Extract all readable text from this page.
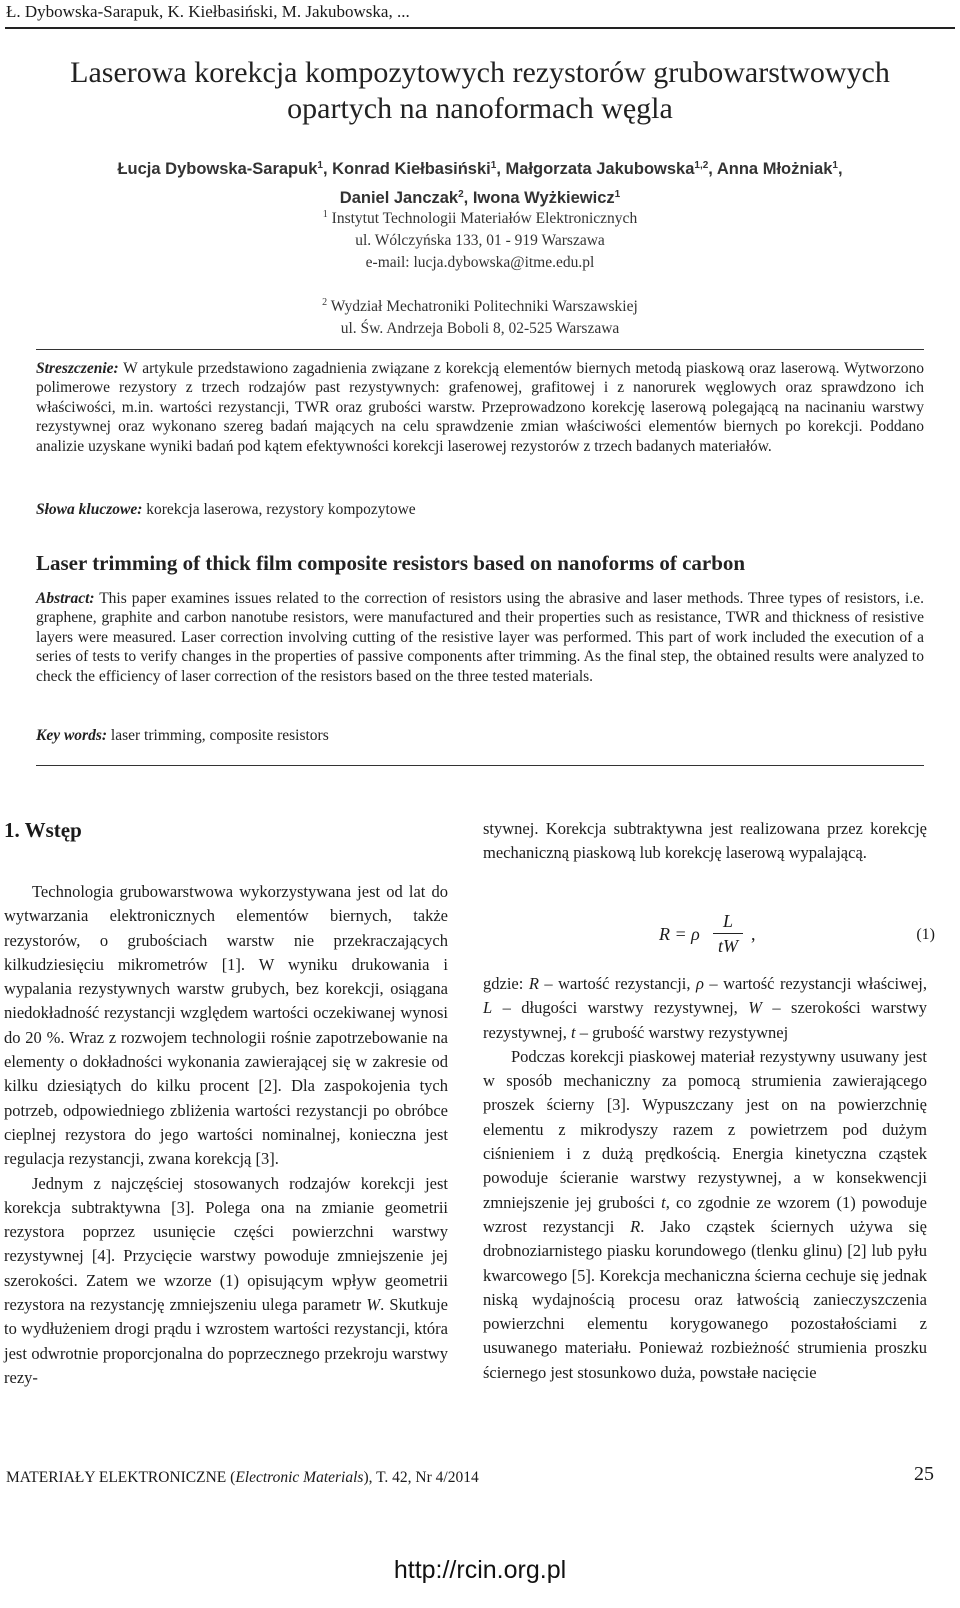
Ł. Dybowska-Sarapuk, K. Kiełbasiński, M. Jakubowska, ...
Laserowa korekcja kompozytowych rezystorów grubowarstwowych
opartych na nanoformach węgla
Łucja Dybowska-Sarapuk$^1$, Konrad Kiełbasiński$^1$, Małgorzata Jakubowska$^{1,2}$, Anna Młożniak$^1$,
Daniel Janczak$^2$, Iwona Wyżkiewicz$^1$
$^1$ Instytut Technologii Materiałów Elektronicznych
ul. Wólczyńska 133, 01 - 919 Warszawa
e-mail: lucja.dybowska@itme.edu.pl
$^2$ Wydział Mechatroniki Politechniki Warszawskiej
ul. Św. Andrzeja Boboli 8, 02-525 Warszawa
Streszczenie: W artykule przedstawiono zagadnienia związane z korekcją elementów biernych metodą piaskową oraz laserową. Wytworzono polimerowe rezystory z trzech rodzajów past rezystywnych: grafenowej, grafitowej i z nanorurek węglowych oraz sprawdzono ich właściwości, m.in. wartości rezystancji, TWR oraz grubości warstw. Przeprowadzono korekcję laserową polegającą na nacinaniu warstwy rezystywnej oraz wykonano szereg badań mających na celu sprawdzenie zmian właściwości elementów biernych po korekcji. Poddano analizie uzyskane wyniki badań pod kątem efektywności korekcji laserowej rezystorów z trzech badanych materiałów.
Słowa kluczowe: korekcja laserowa, rezystory kompozytowe
Laser trimming of thick film composite resistors based on nanoforms of carbon
Abstract: This paper examines issues related to the correction of resistors using the abrasive and laser methods. Three types of resistors, i.e. graphene, graphite and carbon nanotube resistors, were manufactured and their properties such as resistance, TWR and thickness of resistive layers were measured. Laser correction involving cutting of the resistive layer was performed. This part of work included the execution of a series of tests to verify changes in the properties of passive components after trimming. As the final step, the obtained results were analyzed to check the efficiency of laser correction of the resistors based on the three tested materials.
Key words: laser trimming, composite resistors
1. Wstęp

Technologia grubowarstwowa wykorzystywana jest od lat do wytwarzania elektronicznych elementów biernych, także rezystorów, o grubościach warstw nie przekraczających kilkudziesięciu mikrometrów [1]. W wyniku drukowania i wypalania rezystywnych warstw grubych, bez korekcji, osiągana niedokładność rezystancji względem wartości oczekiwanej wynosi do 20 %. Wraz z rozwojem technologii rośnie zapotrzebowanie na elementy o dokładności wykonania zawierającej się w zakresie od kilku dziesiątych do kilku procent [2]. Dla zaspokojenia tych potrzeb, odpowiedniego zbliżenia wartości rezystancji po obróbce cieplnej rezystora do jego wartości nominalnej, konieczna jest regulacja rezystancji, zwana korekcją [3].

Jednym z najczęściej stosowanych rodzajów korekcji jest korekcja subtraktywna [3]. Polega ona na zmianie geometrii rezystora poprzez usunięcie części powierzchni warstwy rezystywnej [4]. Przycięcie warstwy powoduje zmniejszenie jej szerokości. Zatem we wzorze (1) opisującym wpływ geometrii rezystora na rezystancję zmniejszeniu ulega parametr W. Skutkuje to wydłużeniem drogi prądu i wzrostem wartości rezystancji, która jest odwrotnie proporcjonalna do poprzecznego przekroju warstwy rezy-

stywnej. Korekcja subtraktywna jest realizowana przez korekcję mechaniczną piaskową lub korekcję laserową wypalającą.

R = ρ
L
tW
,	(1)

gdzie: R – wartość rezystancji, ρ – wartość rezystancji właściwej, L – długości warstwy rezystywnej, W – szerokości warstwy rezystywnej, t – grubość warstwy rezystywnej

Podczas korekcji piaskowej materiał rezystywny usuwany jest w sposób mechaniczny za pomocą strumienia zawierającego proszek ścierny [3]. Wypuszczany jest on na powierzchnię elementu z mikrodyszy razem z powietrzem pod dużym ciśnieniem i z dużą prędkością. Energia kinetyczna cząstek powoduje ścieranie warstwy rezystywnej, a w konsekwencji zmniejszenie jej grubości t, co zgodnie ze wzorem (1) powoduje wzrost rezystancji R. Jako cząstek ściernych używa się drobnoziarnistego piasku korundowego (tlenku glinu) [2] lub pyłu kwarcowego [5]. Korekcja mechaniczna ścierna cechuje się jednak niską wydajnością procesu oraz łatwością zanieczyszczenia powierzchni elementu korygowanego pozostałościami z usuwanego materiału. Ponieważ rozbieżność strumienia proszku ściernego jest stosunkowo duża, powstałe nacięcie

MATERIAŁY ELEKTRONICZNE (Electronic Materials), T. 42, Nr 4/2014	25
http://rcin.org.pl
